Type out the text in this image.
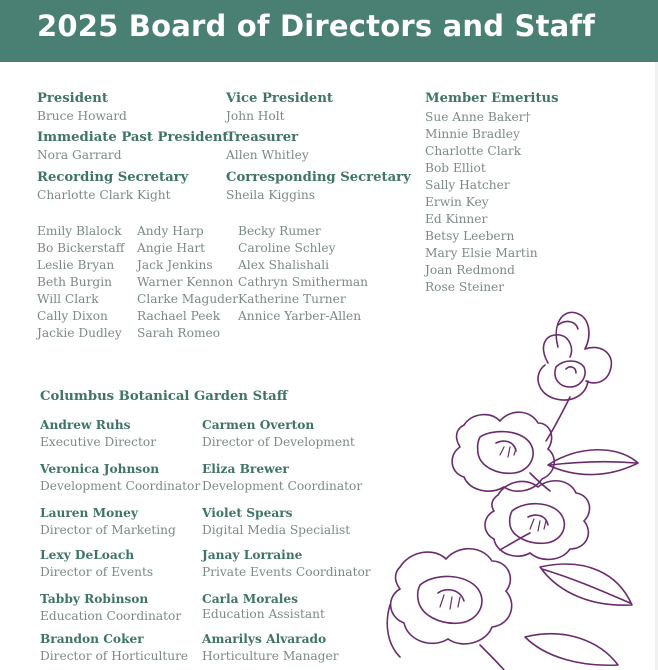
2025 Board of Directors and Staff
President
Bruce Howard
Immediate Past President
Nora Garrard
Recording Secretary
Charlotte Clark Kight
Vice President
John Holt
Treasurer
Allen Whitley
Corresponding Secretary
Sheila Kiggins
Member Emeritus
Sue Anne Baker†
Minnie Bradley
Charlotte Clark
Bob Elliot
Sally Hatcher
Erwin Key
Ed Kinner
Betsy Leebern
Mary Elsie Martin
Joan Redmond
Rose Steiner
Emily Blalock
Bo Bickerstaff
Leslie Bryan
Beth Burgin
Will Clark
Cally Dixon
Jackie Dudley
Andy Harp
Angie Hart
Jack Jenkins
Warner Kennon
Clarke Maguder
Rachael Peek
Sarah Romeo
Becky Rumer
Caroline Schley
Alex Shalishali
Cathryn Smitherman
Katherine Turner
Annice Yarber-Allen
Columbus Botanical Garden Staff
Andrew Ruhs
Executive Director
Veronica Johnson
Development Coordinator
Lauren Money
Director of Marketing
Lexy DeLoach
Director of Events
Tabby Robinson
Education Coordinator
Brandon Coker
Director of Horticulture
Carmen Overton
Director of Development
Eliza Brewer
Development Coordinator
Violet Spears
Digital Media Specialist
Janay Lorraine
Private Events Coordinator
Carla Morales
Education Assistant
Amarilys Alvarado
Horticulture Manager
